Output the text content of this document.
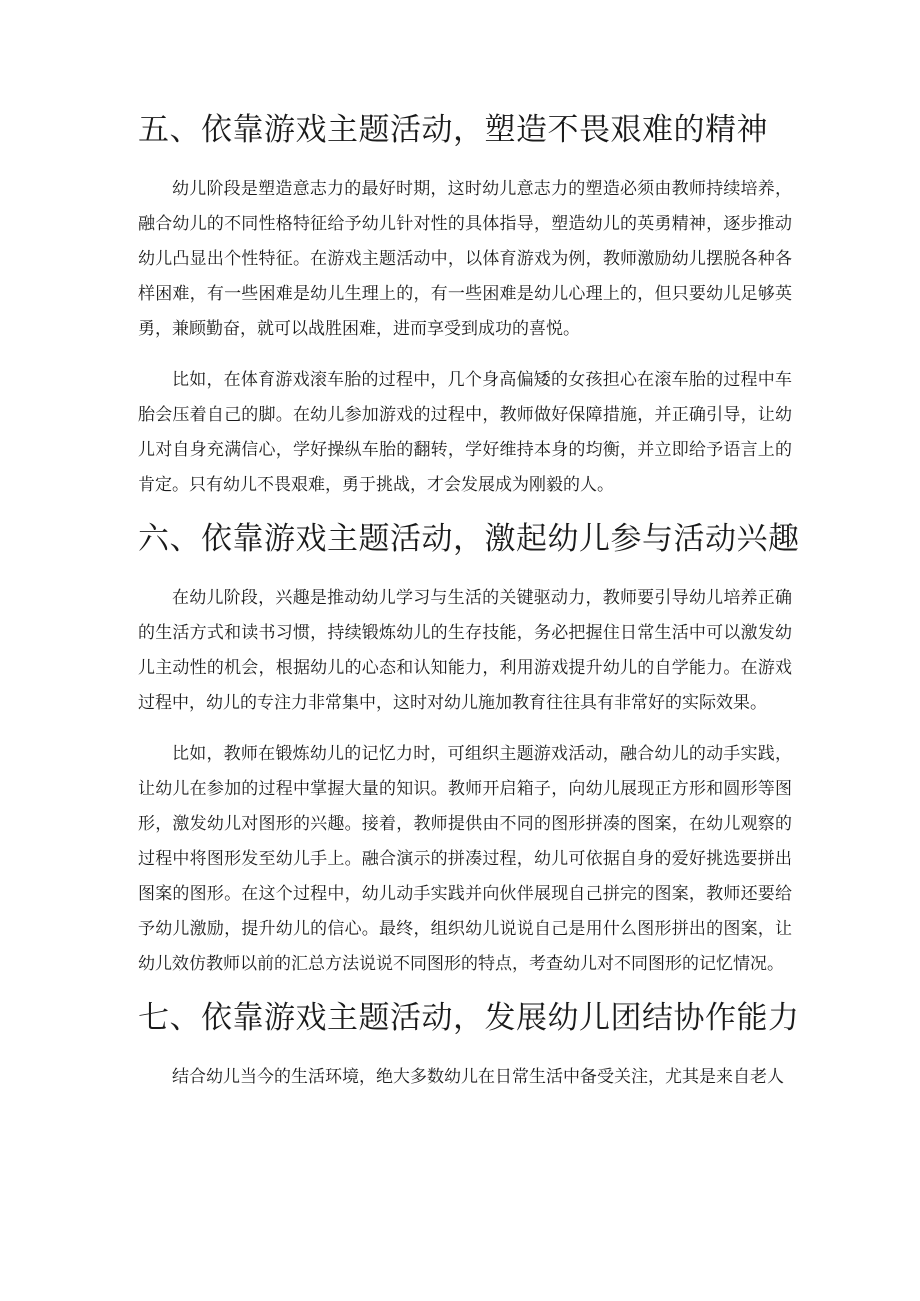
五、依靠游戏主题活动，塑造不畏艰难的精神

幼儿阶段是塑造意志力的最好时期，这时幼儿意志力的塑造必须由教师持续培养，融合幼儿的不同性格特征给予幼儿针对性的具体指导，塑造幼儿的英勇精神，逐步推动幼儿凸显出个性特征。在游戏主题活动中，以体育游戏为例，教师激励幼儿摆脱各种各样困难，有一些困难是幼儿生理上的，有一些困难是幼儿心理上的，但只要幼儿足够英勇，兼顾勤奋，就可以战胜困难，进而享受到成功的喜悦。

比如，在体育游戏滚车胎的过程中，几个身高偏矮的女孩担心在滚车胎的过程中车胎会压着自己的脚。在幼儿参加游戏的过程中，教师做好保障措施，并正确引导，让幼儿对自身充满信心，学好操纵车胎的翻转，学好维持本身的均衡，并立即给予语言上的肯定。只有幼儿不畏艰难，勇于挑战，才会发展成为刚毅的人。

六、依靠游戏主题活动，激起幼儿参与活动兴趣

在幼儿阶段，兴趣是推动幼儿学习与生活的关键驱动力，教师要引导幼儿培养正确的生活方式和读书习惯，持续锻炼幼儿的生存技能，务必把握住日常生活中可以激发幼儿主动性的机会，根据幼儿的心态和认知能力，利用游戏提升幼儿的自学能力。在游戏过程中，幼儿的专注力非常集中，这时对幼儿施加教育往往具有非常好的实际效果。

比如，教师在锻炼幼儿的记忆力时，可组织主题游戏活动，融合幼儿的动手实践，让幼儿在参加的过程中掌握大量的知识。教师开启箱子，向幼儿展现正方形和圆形等图形，激发幼儿对图形的兴趣。接着，教师提供由不同的图形拼凑的图案，在幼儿观察的过程中将图形发至幼儿手上。融合演示的拼凑过程，幼儿可依据自身的爱好挑选要拼出图案的图形。在这个过程中，幼儿动手实践并向伙伴展现自己拼完的图案，教师还要给予幼儿激励，提升幼儿的信心。最终，组织幼儿说说自己是用什么图形拼出的图案，让幼儿效仿教师以前的汇总方法说说不同图形的特点，考查幼儿对不同图形的记忆情况。

七、依靠游戏主题活动，发展幼儿团结协作能力

结合幼儿当今的生活环境，绝大多数幼儿在日常生活中备受关注，尤其是来自老人
